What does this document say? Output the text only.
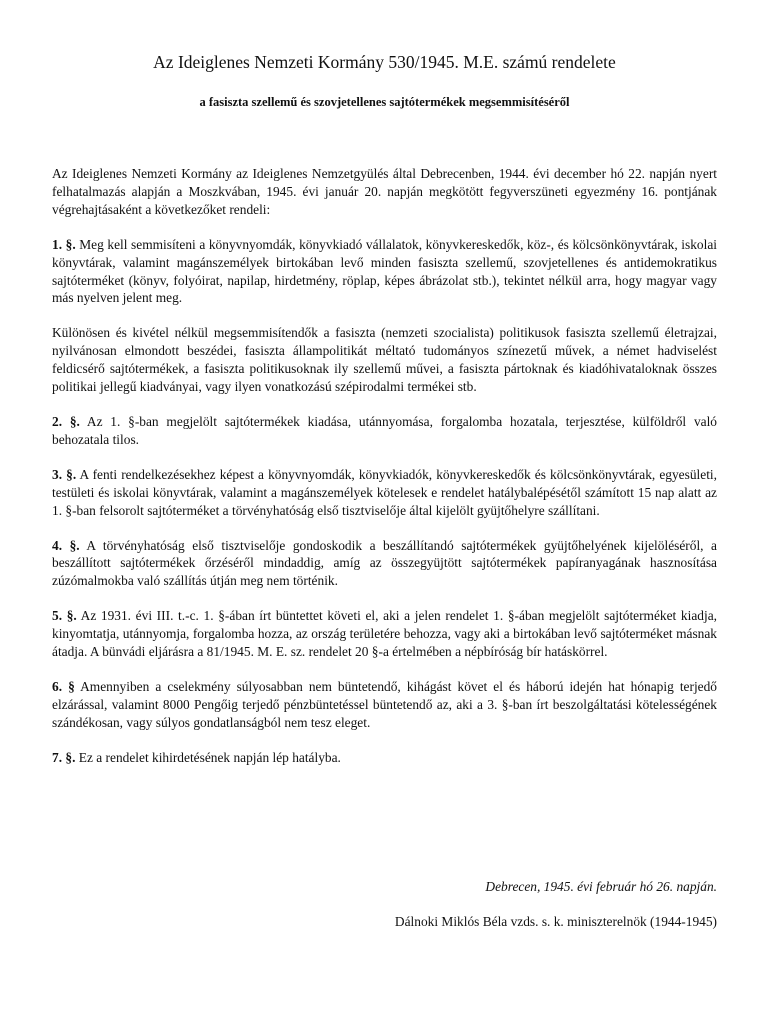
Az Ideiglenes Nemzeti Kormány 530/1945. M.E. számú rendelete
a fasiszta szellemű és szovjetellenes sajtótermékek megsemmisítéséről

Az Ideiglenes Nemzeti Kormány az Ideiglenes Nemzetgyülés által Debrecenben, 1944. évi december hó 22. napján nyert felhatalmazás alapján a Moszkvában, 1945. évi január 20. napján megkötött fegyverszüneti egyezmény 16. pontjának végrehajtásaként a következőket rendeli:

1. §. Meg kell semmisíteni a könyvnyomdák, könyvkiadó vállalatok, könyvkereskedők, köz-, és kölcsönkönyvtárak, iskolai könyvtárak, valamint magánszemélyek birtokában levő minden fasiszta szellemű, szovjetellenes és antidemokratikus sajtóterméket (könyv, folyóirat, napilap, hirdetmény, röplap, képes ábrázolat stb.), tekintet nélkül arra, hogy magyar vagy más nyelven jelent meg.

Különösen és kivétel nélkül megsemmisítendők a fasiszta (nemzeti szocialista) politikusok fasiszta szellemű életrajzai, nyilvánosan elmondott beszédei, fasiszta állampolitikát méltató tudományos színezetű művek, a német hadviselést feldicsérő sajtótermékek, a fasiszta politikusoknak ily szellemű művei, a fasiszta pártoknak és kiadóhivataloknak összes politikai jellegű kiadványai, vagy ilyen vonatkozású szépirodalmi termékei stb.

2. §. Az 1. §-ban megjelölt sajtótermékek kiadása, utánnyomása, forgalomba hozatala, terjesztése, külföldről való behozatala tilos.

3. §. A fenti rendelkezésekhez képest a könyvnyomdák, könyvkiadók, könyvkereskedők és kölcsönkönyvtárak, egyesületi, testületi és iskolai könyvtárak, valamint a magánszemélyek kötelesek e rendelet hatálybalépésétől számított 15 nap alatt az 1. §-ban felsorolt sajtóterméket a törvényhatóság első tisztviselője által kijelölt gyüjtőhelyre szállítani.

4. §. A törvényhatóság első tisztviselője gondoskodik a beszállítandó sajtótermékek gyüjtőhelyének kijelöléséről, a beszállított sajtótermékek őrzéséről mindaddig, amíg az összegyüjtött sajtótermékek papíranyagának hasznosítása zúzómalmokba való szállítás útján meg nem történik.

5. §. Az 1931. évi III. t.-c. 1. §-ában írt büntettet követi el, aki a jelen rendelet 1. §-ában megjelölt sajtóterméket kiadja, kinyomtatja, utánnyomja, forgalomba hozza, az ország területére behozza, vagy aki a birtokában levő sajtóterméket másnak átadja. A bünvádi eljárásra a 81/1945. M. E. sz. rendelet 20 §-a értelmében a népbíróság bír hatáskörrel.

6. § Amennyiben a cselekmény súlyosabban nem büntetendő, kihágást követ el és háború idején hat hónapig terjedő elzárással, valamint 8000 Pengőig terjedő pénzbüntetéssel büntetendő az, aki a 3. §-ban írt beszolgáltatási kötelességének szándékosan, vagy súlyos gondatlanságból nem tesz eleget.

7. §. Ez a rendelet kihirdetésének napján lép hatályba.

Debrecen, 1945. évi február hó 26. napján.

Dálnoki Miklós Béla vzds. s. k. miniszterelnök (1944-1945)
